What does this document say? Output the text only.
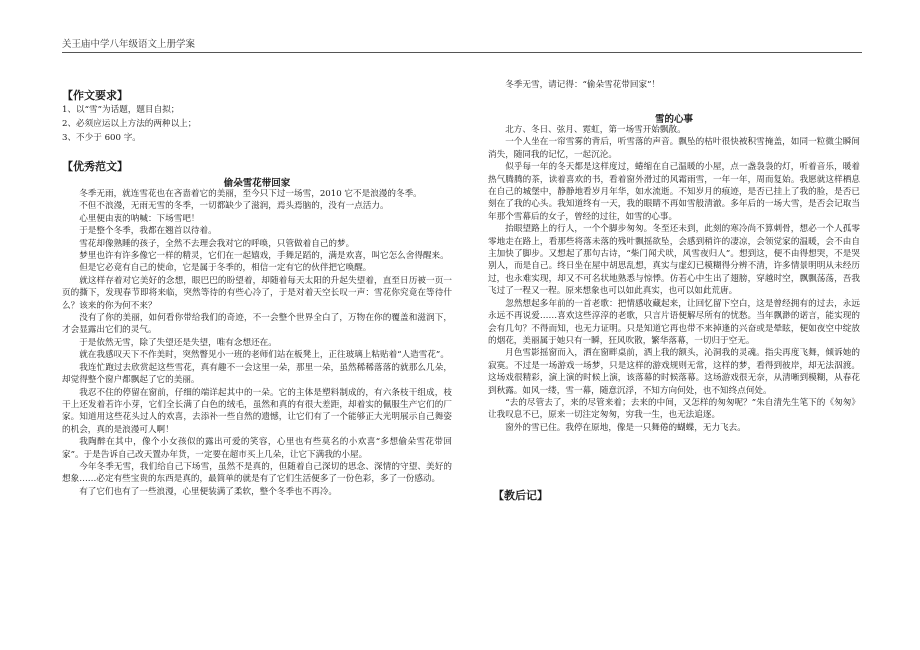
关王庙中学八年级语文上册学案
【作文要求】
1、以“雪”为话题，题目自拟；
2、必须应运以上方法的两种以上；
3、不少于 600 字。
【优秀范文】
偷朵雪花带回家

冬季无雨，就连雪花也在吝啬着它的美丽，至今只下过一场雪，2010 它不是浪漫的冬季。

不但不浪漫，无雨无雪的冬季，一切都缺少了滋润，焉头焉脑的，没有一点活力。

心里便由衷的呐喊：下场雪吧！

于是整个冬季，我都在翘首以待着。

雪花却像熟睡的孩子，全然不去理会我对它的呼唤，只管做着自己的梦。

梦里也许有许多像它一样的精灵，它们在一起嬉戏，手舞足蹈的，满是欢喜，叫它怎么舍得醒来。

但是它必竟有自己的使命，它是属于冬季的，相信一定有它的伙伴把它唤醒。

就这样存着对它美好的念想，眼巴巴的盼望着，却随着每天太阳的升起失望着，直至日历被一页一页的撕下，发现春节即将来临，突然等待的有些心冷了，于是对着天空长叹一声：雪花你究竟在等待什么？该来的你为何不来？

没有了你的美丽，如何看你带给我们的奇迹，不一会整个世界全白了，万物在你的覆盖和滋润下，才会显露出它们的灵气。

于是依然无雪，除了失望还是失望，唯有念想还在。

就在我感叹天下不作美时，突然瞥见小一班的老师们站在板凳上，正往玻璃上粘贴着“人造雪花”。

我连忙跑过去欣赏起这些雪花，真有趣不一会这里一朵，那里一朵，虽然稀稀落落的就那么几朵，却觉得整个窗户都飘起了它的美丽。

我忍不住的停留在窗前，仔细的端详起其中的一朵。它的主体是塑料制成的，有六条枝干组成，枝干上还发着若许小芽，它们全长满了白色的绒毛，虽然和真的有很大差距，却着实的佩服生产它们的厂家。知道用这些花头过人的欢喜，去添补一些自然的遗憾，让它们有了一个能够正大光明展示自己舞姿的机会，真的是浪漫可人啊！

我陶醉在其中，像个小女孩似的露出可爱的笑容，心里也有些莫名的小欢喜“多想偷朵雪花带回家”。于是告诉自己改天置办年货，一定要在超市买上几朵，让它下满我的小屋。

今年冬季无雪，我们给自己下场雪，虽然不是真的，但随着自己深切的思念、深情的守望、美好的想象……必定有些宝贵的东西是真的，最简单的就是有了它们生活便多了一份色彩，多了一份感动。

有了它们也有了一些浪漫，心里便装满了柔软，整个冬季也不再冷。

冬季无雪，请记得：“偷朵雪花带回家”！

雪的心事

北方、冬日、弦月、霓虹，第一场雪开始飘散。

一个人坐在一帘雪雾的背后，听雪落的声音。飘坠的枯叶很快被积雪掩盖，如同一粒微尘瞬间消失，随同我的记忆，一起沉沦。

似乎每一年的冬天都是这样度过，蜷缩在自己温暖的小屋，点一盏袅袅的灯，听着音乐，暖着热气腾腾的茶，读着喜欢的书，看着窗外滑过的风霜雨雪，一年一年，周而复始。我愿就这样栖息在自己的城堡中，静静地看岁月年华，如水流逝。不知岁月的痕迹，是否已挂上了我的脸，是否已刻在了我的心头。我知道终有一天，我的眼睛不再如雪般清澈。多年后的一场大雪，是否会记取当年那个雪幕后的女子，曾经的过往，如雪的心事。

抬眼望路上的行人，一个个脚步匆匆。冬至还未到，此刻的寒冷尚不算刺骨，想必一个人孤零零地走在路上，看那些将落未落的残叶飘摇欲坠，会感到稍许的凄凉，会领觉家的温暖，会不由自主加快了脚步。又想起了那句古诗，“柴门闻犬吠，风雪夜归人”。想到这，便不由得想哭，不是哭别人，而是自己。终日坐在屋中胡思乱想，真实与虚幻已模糊得分辨不清，许多情景明明从未经历过，也永难实现，却又不可名状地熟悉与惊悸。仿若心中生出了翅膀，穿越时空，飘飘荡荡，吾我飞过了一程又一程。原来想象也可以如此真实，也可以如此荒唐。

忽然想起多年前的一首老歌：把情感收藏起来，让回忆留下空白，这是曾经拥有的过去，永远永远不再说爱……喜欢这些淳淳的老歌，只言片语便解尽所有的忧愁。当年飘渺的诺言，能实现的会有几句？不得而知，也无力证明。只是知道它再也带不来掉逢的兴奋或是晕眩，便如夜空中绽放的烟花，美丽属于她只有一瞬，狂风吹散，繁华落幕，一切归于空无。

月色雪影摇窗而入，洒在窗畔桌前，洒上我的额头，沁洞我的灵魂。指尖再度飞舞，倾诉她的寂寞。不过是一场游戏一场梦，只是这样的游戏规则无常，这样的梦，看得到彼岸，却无法泅渡。这场戏很精彩，演上演的时候上演，该落幕的时候落幕。这场游戏很无奈，从清晰到模糊，从春花到秋露。如风一缕，雪一幕，随意沉浮，不知方向何处，也不知终点何处。

“去的尽管去了，来的尽管来着；去来的中间，又怎样的匆匆呢？”朱自清先生笔下的《匆匆》让我叹息不已，原来一切注定匆匆，穷我一生，也无法追逐。

窗外的雪已住。我停在原地，像是一只舞倦的蝴蝶，无力飞去。

【教后记】
